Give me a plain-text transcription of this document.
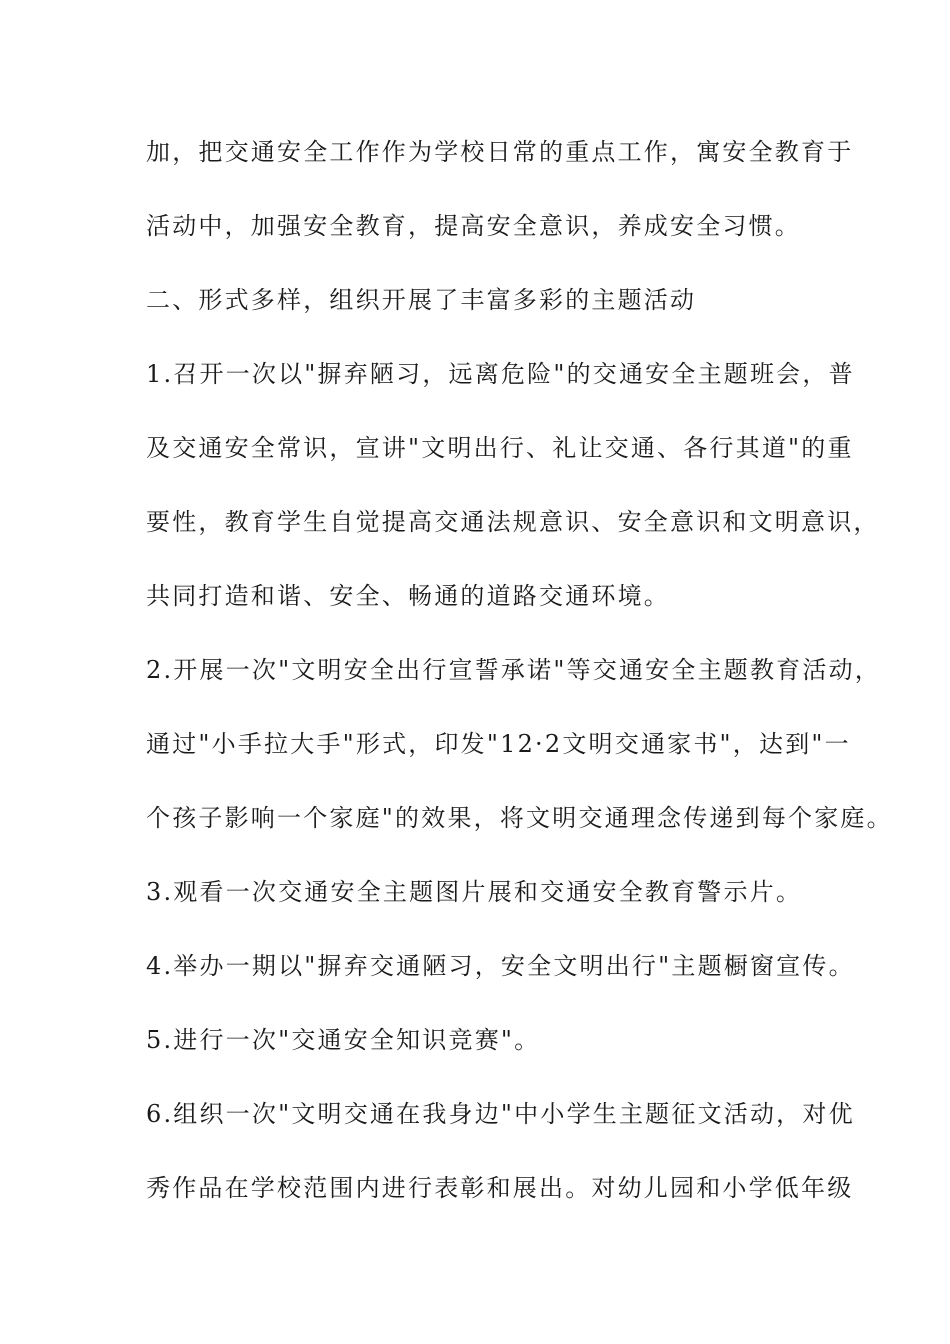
加，把交通安全工作作为学校日常的重点工作，寓安全教育于
活动中，加强安全教育，提高安全意识，养成安全习惯。
二、形式多样，组织开展了丰富多彩的主题活动
1.召开一次以"摒弃陋习，远离危险"的交通安全主题班会，普
及交通安全常识，宣讲"文明出行、礼让交通、各行其道"的重
要性，教育学生自觉提高交通法规意识、安全意识和文明意识，
共同打造和谐、安全、畅通的道路交通环境。
2.开展一次"文明安全出行宣誓承诺"等交通安全主题教育活动，
通过"小手拉大手"形式，印发"12·2文明交通家书"，达到"一
个孩子影响一个家庭"的效果，将文明交通理念传递到每个家庭。
3.观看一次交通安全主题图片展和交通安全教育警示片。
4.举办一期以"摒弃交通陋习，安全文明出行"主题橱窗宣传。
5.进行一次"交通安全知识竞赛"。
6.组织一次"文明交通在我身边"中小学生主题征文活动，对优
秀作品在学校范围内进行表彰和展出。对幼儿园和小学低年级
